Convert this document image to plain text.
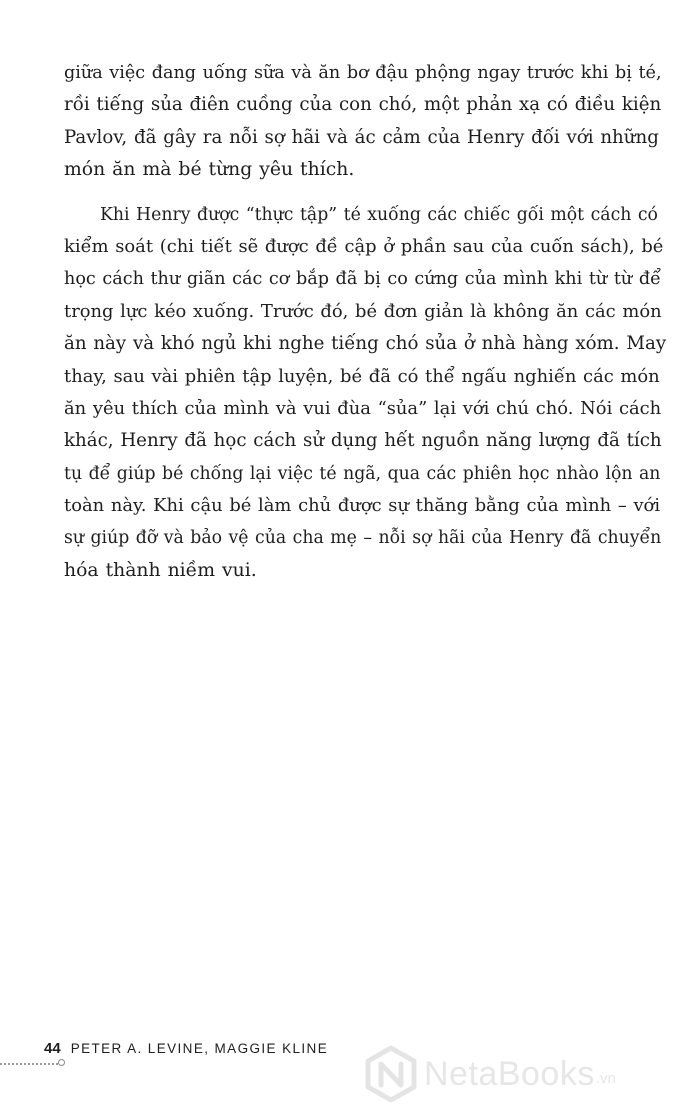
giữa việc đang uống sữa và ăn bơ đậu phộng ngay trước khi bị té,
rồi tiếng sủa điên cuồng của con chó, một phản xạ có điều kiện
Pavlov, đã gây ra nỗi sợ hãi và ác cảm của Henry đối với những
món ăn mà bé từng yêu thích.
Khi Henry được “thực tập” té xuống các chiếc gối một cách có
kiểm soát (chi tiết sẽ được đề cập ở phần sau của cuốn sách), bé
học cách thư giãn các cơ bắp đã bị co cứng của mình khi từ từ để
trọng lực kéo xuống. Trước đó, bé đơn giản là không ăn các món
ăn này và khó ngủ khi nghe tiếng chó sủa ở nhà hàng xóm. May
thay, sau vài phiên tập luyện, bé đã có thể ngấu nghiến các món
ăn yêu thích của mình và vui đùa “sủa” lại với chú chó. Nói cách
khác, Henry đã học cách sử dụng hết nguồn năng lượng đã tích
tụ để giúp bé chống lại việc té ngã, qua các phiên học nhào lộn an
toàn này. Khi cậu bé làm chủ được sự thăng bằng của mình – với
sự giúp đỡ và bảo vệ của cha mẹ – nỗi sợ hãi của Henry đã chuyển
hóa thành niềm vui.
44 PETER A. LEVINE, MAGGIE KLINE
NetaBooks .vn
